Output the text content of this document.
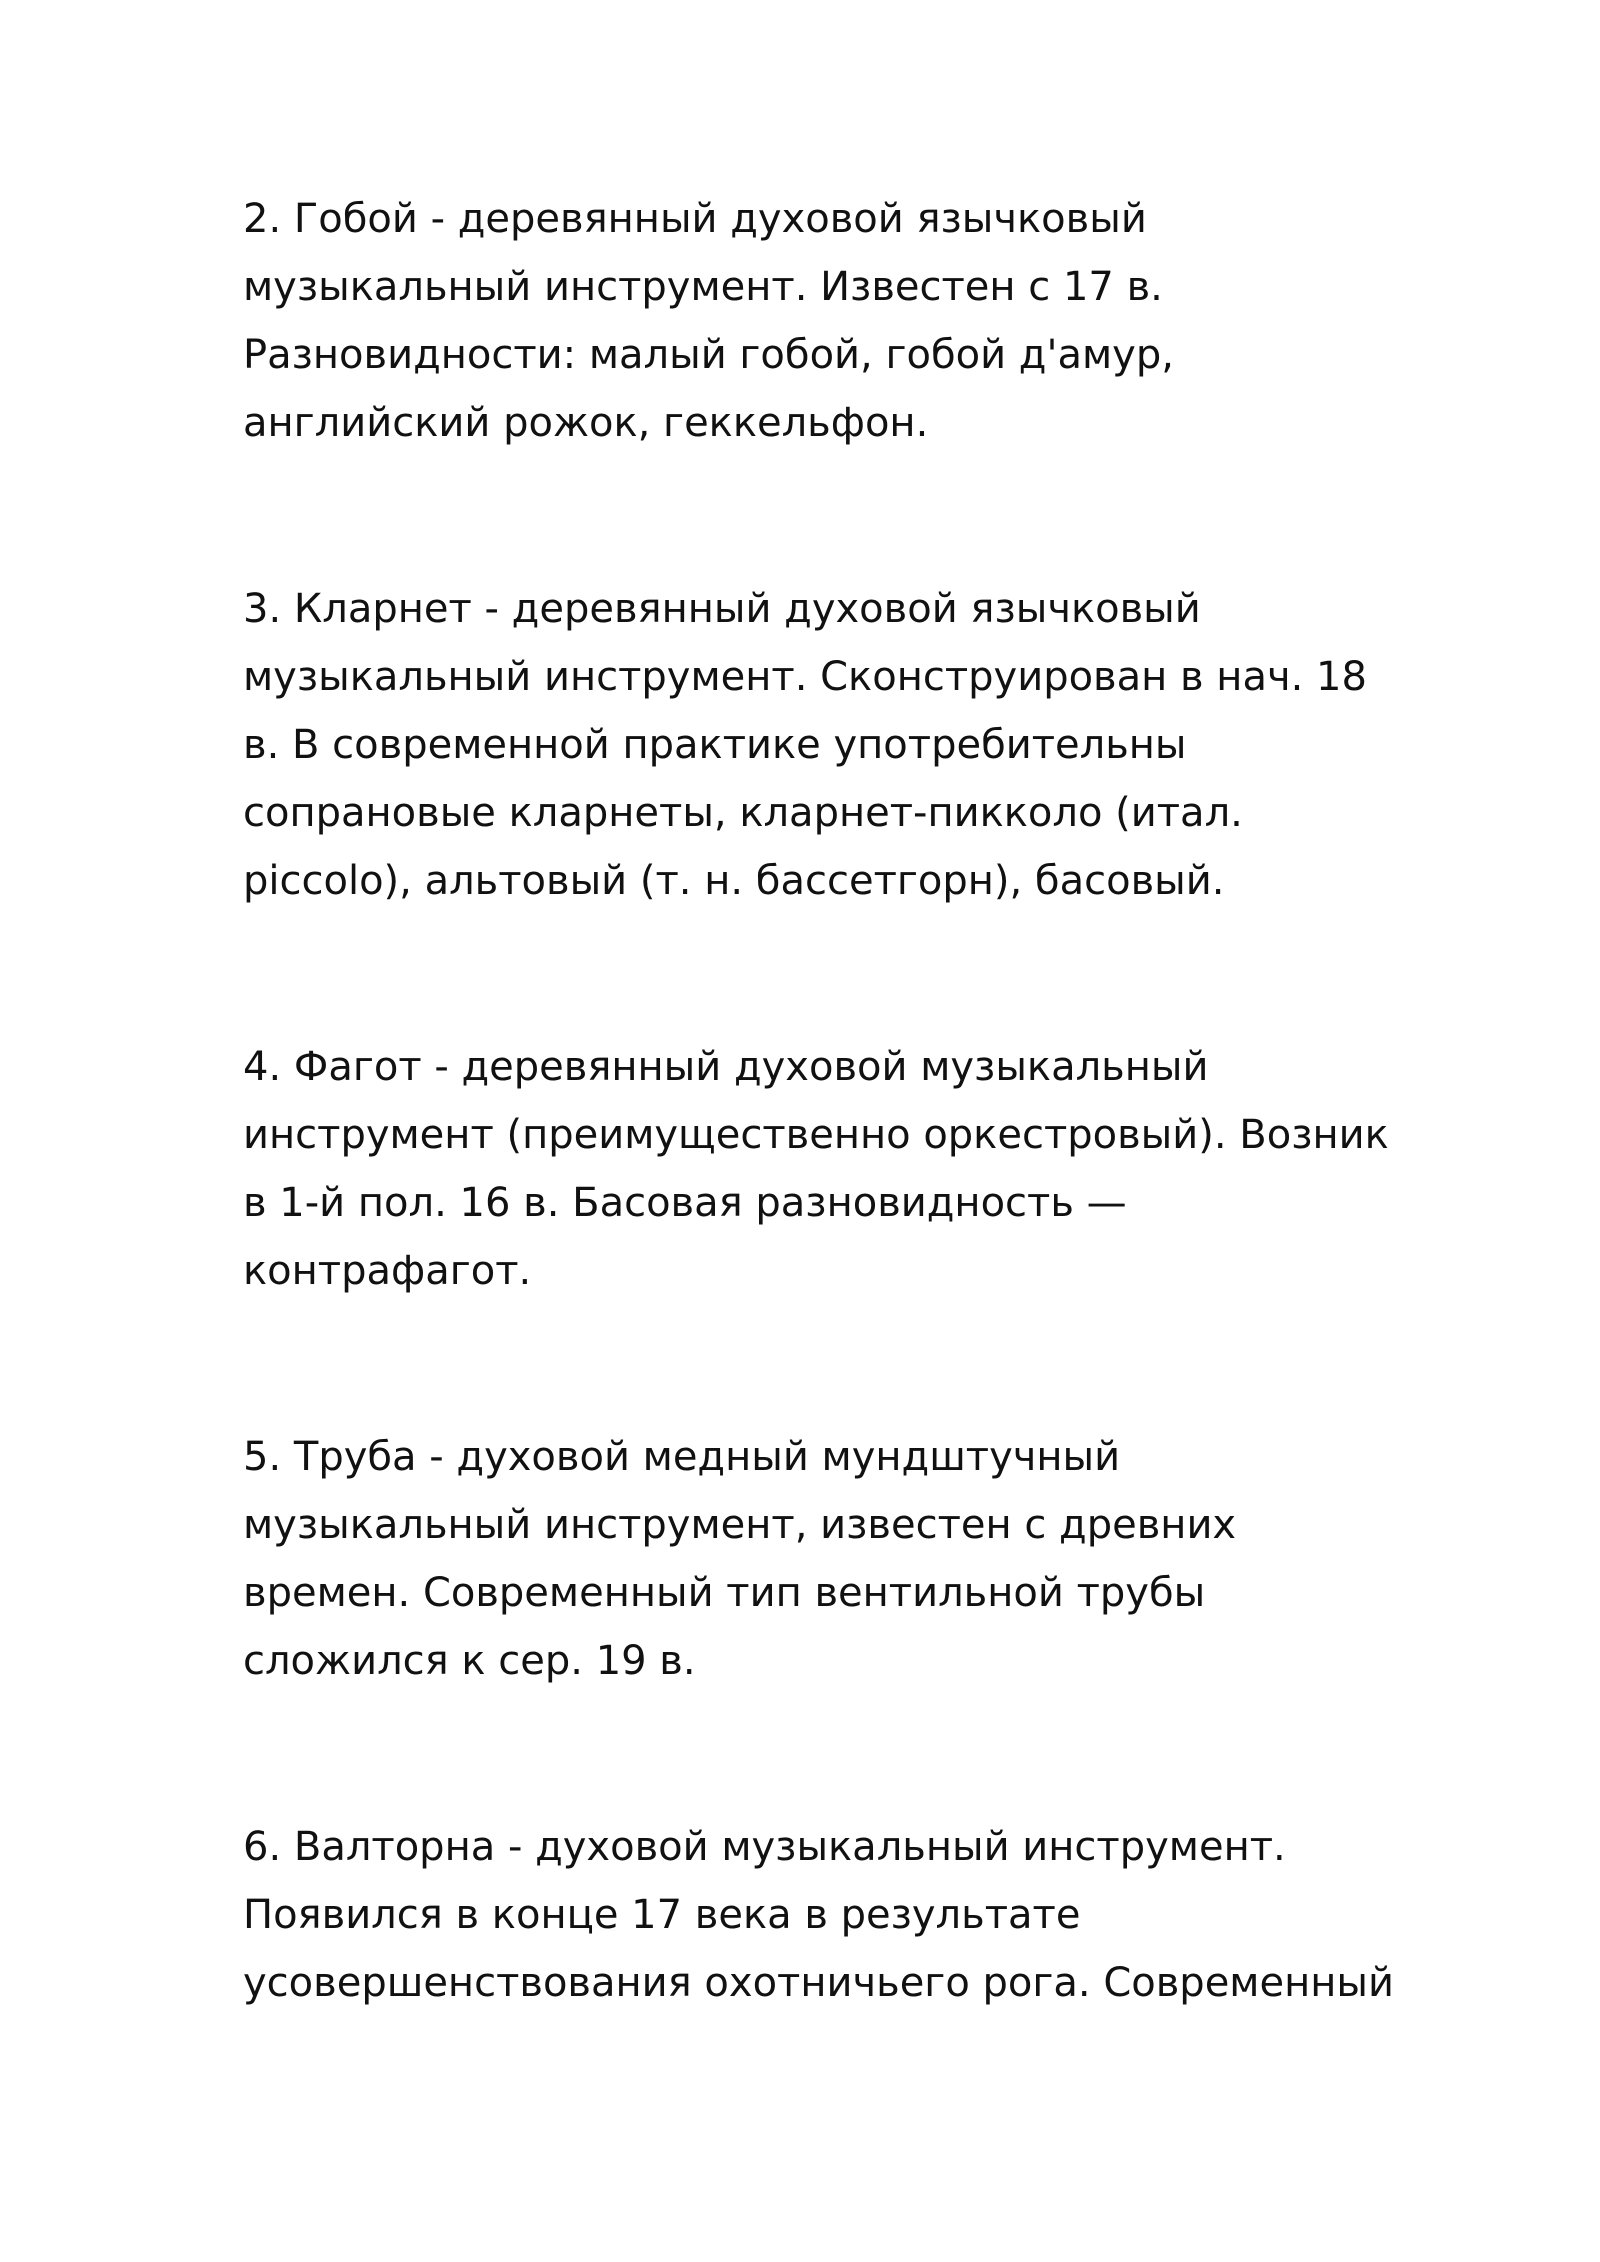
2. Гобой - деревянный духовой язычковый
музыкальный инструмент. Известен с 17 в.
Разновидности: малый гобой, гобой д'амур,
английский рожок, геккельфон.
3. Кларнет - деревянный духовой язычковый
музыкальный инструмент. Сконструирован в нач. 18
в. В современной практике употребительны
сопрановые кларнеты, кларнет-пикколо (итал.
piccolo), альтовый (т. н. бассетгорн), басовый.
4. Фагот - деревянный духовой музыкальный
инструмент (преимущественно оркестровый). Возник
в 1-й пол. 16 в. Басовая разновидность —
контрафагот.
5. Труба - духовой медный мундштучный
музыкальный инструмент, известен с древних
времен. Современный тип вентильной трубы
сложился к сер. 19 в.
6. Валторна - духовой музыкальный инструмент.
Появился в конце 17 века в результате
усовершенствования охотничьего рога. Современный
